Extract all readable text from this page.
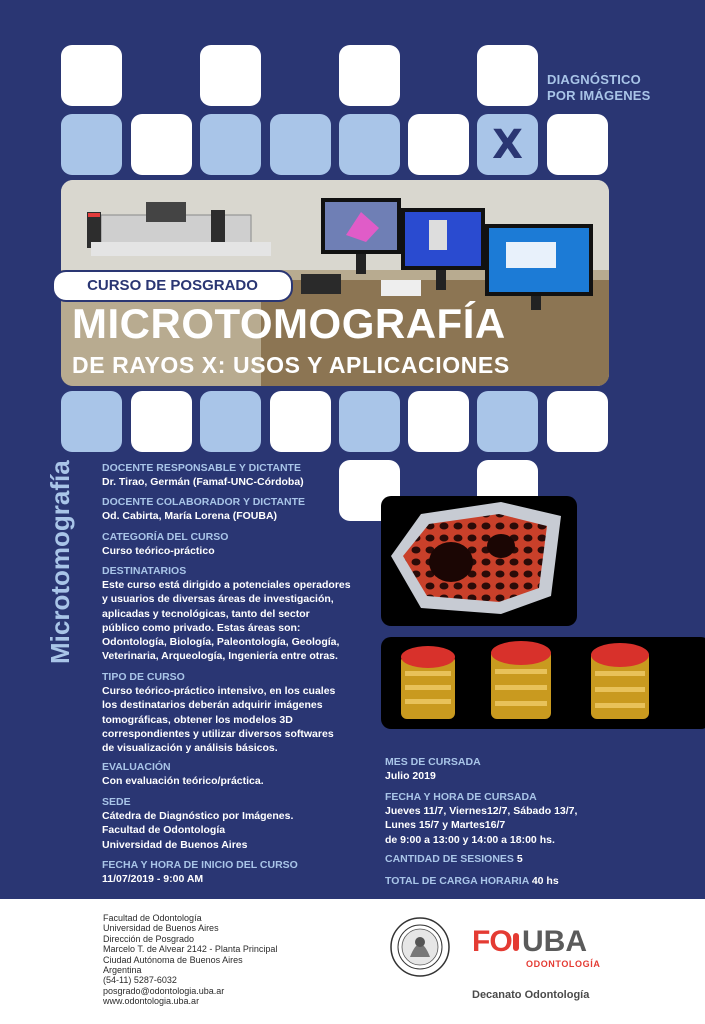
DIAGNÓSTICO
POR IMÁGENES
X
CURSO DE POSGRADO
MICROTOMOGRAFÍA
DE RAYOS X: USOS Y APLICACIONES
Microtomografía	DOCENTE RESPONSABLE Y DICTANTE
Dr. Tirao, Germán (Famaf-UNC-Córdoba)
DOCENTE COLABORADOR Y DICTANTE
Od. Cabirta, María Lorena (FOUBA)
CATEGORÍA DEL CURSO
Curso teórico-práctico
DESTINATARIOS
Este curso está dirigido a potenciales operadores
y usuarios de diversas áreas de investigación,
aplicadas y tecnológicas, tanto del sector
público como privado. Estas áreas son:
Odontología, Biología, Paleontología, Geología,
Veterinaria, Arqueología, Ingeniería entre otras.
TIPO DE CURSO
Curso teórico-práctico intensivo, en los cuales
los destinatarios deberán adquirir imágenes
tomográficas, obtener los modelos 3D
correspondientes y utilizar diversos softwares
de visualización y análisis básicos.
EVALUACIÓN
Con evaluación teórico/práctica.
SEDE
Cátedra de Diagnóstico por Imágenes.
Facultad de Odontología
Universidad de Buenos Aires
FECHA Y HORA DE INICIO DEL CURSO
11/07/2019 - 9:00 AM
MES DE CURSADA
Julio 2019
FECHA Y HORA DE CURSADA
Jueves 11/7, Viernes12/7, Sábado 13/7,
Lunes 15/7 y Martes16/7
de 9:00 a 13:00 y 14:00 a 18:00 hs.
CANTIDAD DE SESIONES 5
TOTAL DE CARGA HORARIA 40 hs
Facultad de Odontología
Universidad de Buenos Aires
Dirección de Posgrado
Marcelo T. de Alvear 2142 - Planta Principal
Ciudad Autónoma de Buenos Aires
Argentina
(54-11) 5287-6032
posgrado@odontologia.uba.ar
www.odontologia.uba.ar
FO UBA
ODONTOLOGÍA
Decanato Odontología
